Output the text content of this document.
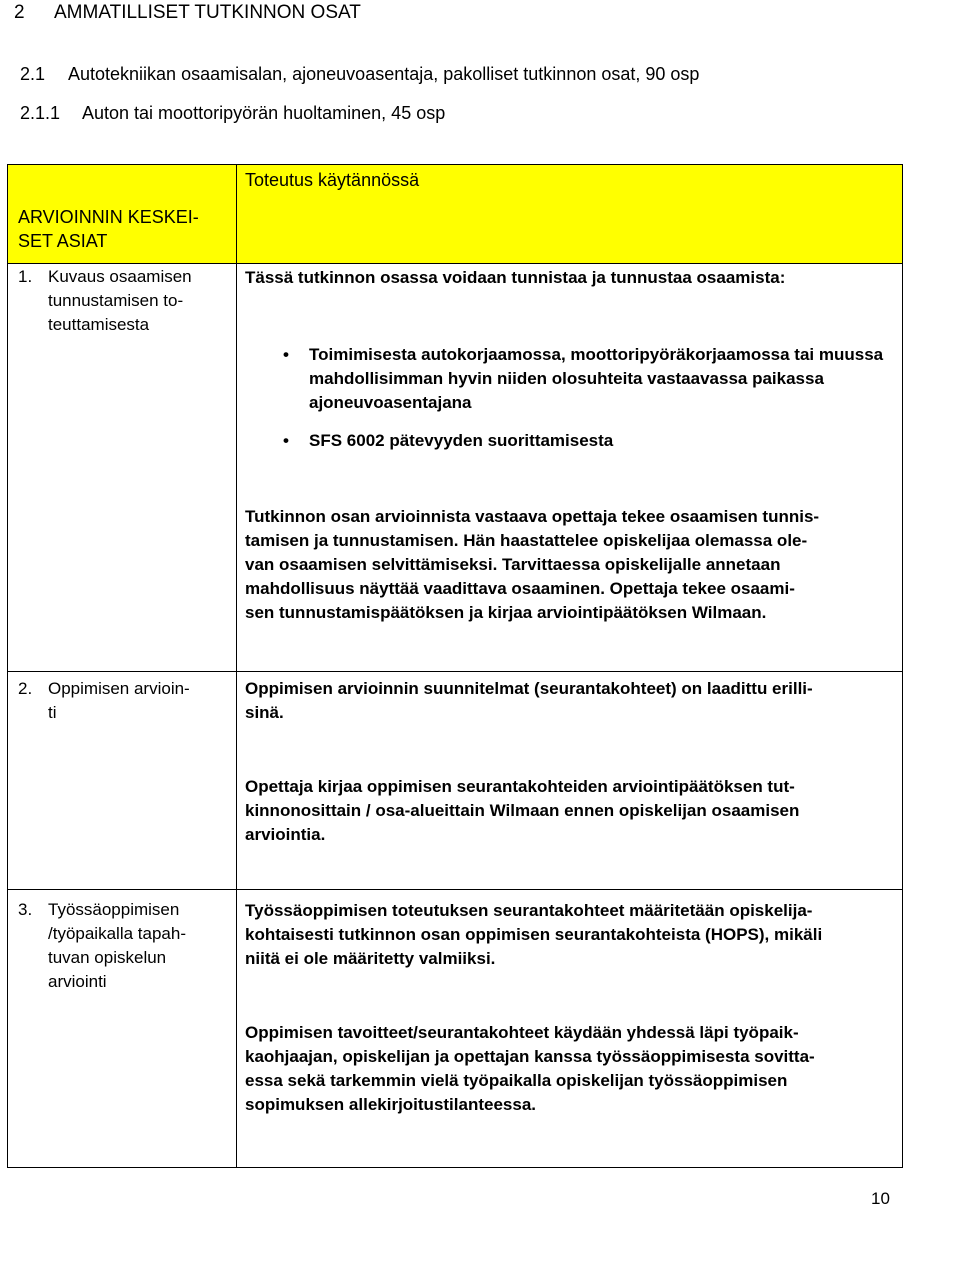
2 AMMATILLISET TUTKINNON OSAT
2.1 Autotekniikan osaamisalan, ajoneuvoasentaja, pakolliset tutkinnon osat, 90 osp
2.1.1 Auton tai moottoripyörän huoltaminen, 45 osp
ARVIOINNIN KESKEI-
SET ASIAT
Toteutus käytännössä
1. Kuvaus osaamisen
tunnustamisen to-
teuttamisesta
Tässä tutkinnon osassa voidaan tunnistaa ja tunnustaa osaamista:
• Toimimisesta autokorjaamossa, moottoripyöräkorjaamossa tai muussa mahdollisimman hyvin niiden olosuhteita vastaavassa paikassa ajoneuvoasentajana
• SFS 6002 pätevyyden suorittamisesta
Tutkinnon osan arvioinnista vastaava opettaja tekee osaamisen tunnis-
tamisen ja tunnustamisen. Hän haastattelee opiskelijaa olemassa ole-
van osaamisen selvittämiseksi. Tarvittaessa opiskelijalle annetaan
mahdollisuus näyttää vaadittava osaaminen. Opettaja tekee osaami-
sen tunnustamispäätöksen ja kirjaa arviointipäätöksen Wilmaan.
2. Oppimisen arvioin-
ti
Oppimisen arvioinnin suunnitelmat (seurantakohteet) on laadittu erilli-
sinä.
Opettaja kirjaa oppimisen seurantakohteiden arviointipäätöksen tut-
kinnonosittain / osa-alueittain Wilmaan ennen opiskelijan osaamisen
arviointia.
3. Työssäoppimisen
/työpaikalla tapah-
tuvan opiskelun
arviointi
Työssäoppimisen toteutuksen seurantakohteet määritetään opiskelija-
kohtaisesti tutkinnon osan oppimisen seurantakohteista (HOPS), mikäli
niitä ei ole määritetty valmiiksi.
Oppimisen tavoitteet/seurantakohteet käydään yhdessä läpi työpaik-
kaohjaajan, opiskelijan ja opettajan kanssa työssäoppimisesta sovitta-
essa sekä tarkemmin vielä työpaikalla opiskelijan työssäoppimisen
sopimuksen allekirjoitustilanteessa.
10
